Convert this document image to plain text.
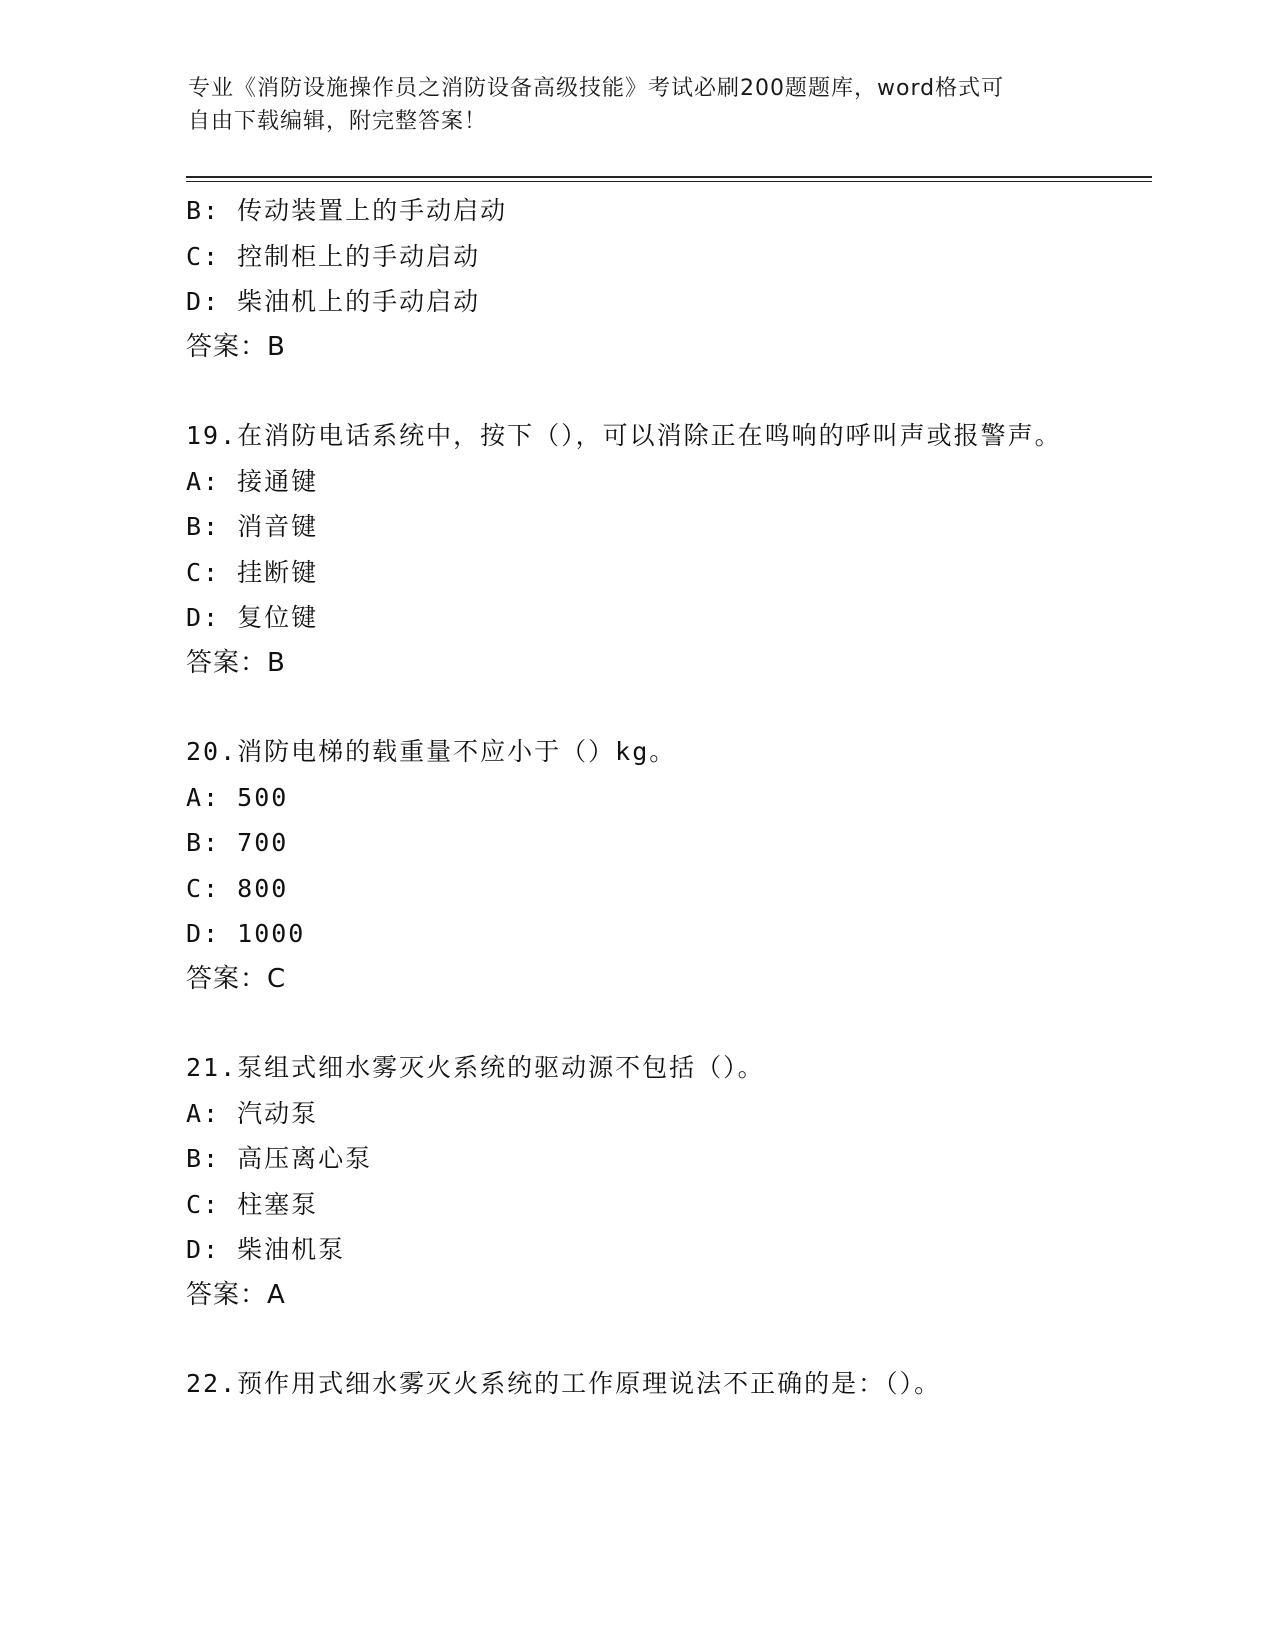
专业《消防设施操作员之消防设备高级技能》考试必刷200题题库，word格式可
自由下载编辑，附完整答案！
B: 传动装置上的手动启动
C: 控制柜上的手动启动
D: 柴油机上的手动启动
答案：B
19.在消防电话系统中，按下（），可以消除正在鸣响的呼叫声或报警声。
A: 接通键
B: 消音键
C: 挂断键
D: 复位键
答案：B
20.消防电梯的载重量不应小于（）kg。
A: 500
B: 700
C: 800
D: 1000
答案：C
21.泵组式细水雾灭火系统的驱动源不包括（）。
A: 汽动泵
B: 高压离心泵
C: 柱塞泵
D: 柴油机泵
答案：A
22.预作用式细水雾灭火系统的工作原理说法不正确的是：（）。
